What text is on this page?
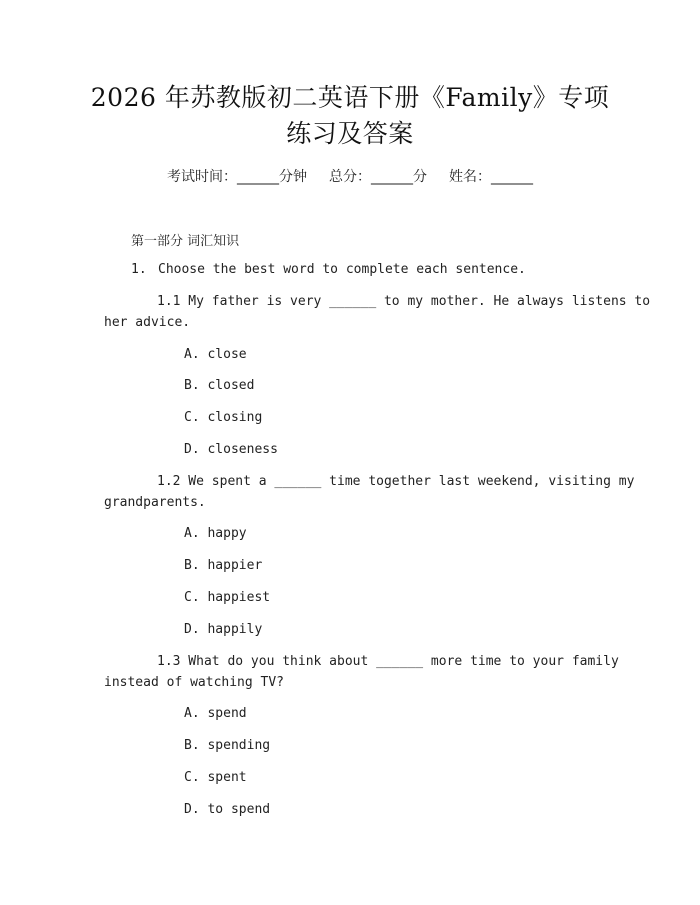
2026 年苏教版初二英语下册《Family》专项
练习及答案
考试时间：______分钟 总分：______分 姓名：______
第一部分 词汇知识
1. Choose the best word to complete each sentence.
1.1 My father is very ______ to my mother. He always listens to
her advice.
A. close
B. closed
C. closing
D. closeness
1.2 We spent a ______ time together last weekend, visiting my
grandparents.
A. happy
B. happier
C. happiest
D. happily
1.3 What do you think about ______ more time to your family
instead of watching TV?
A. spend
B. spending
C. spent
D. to spend
